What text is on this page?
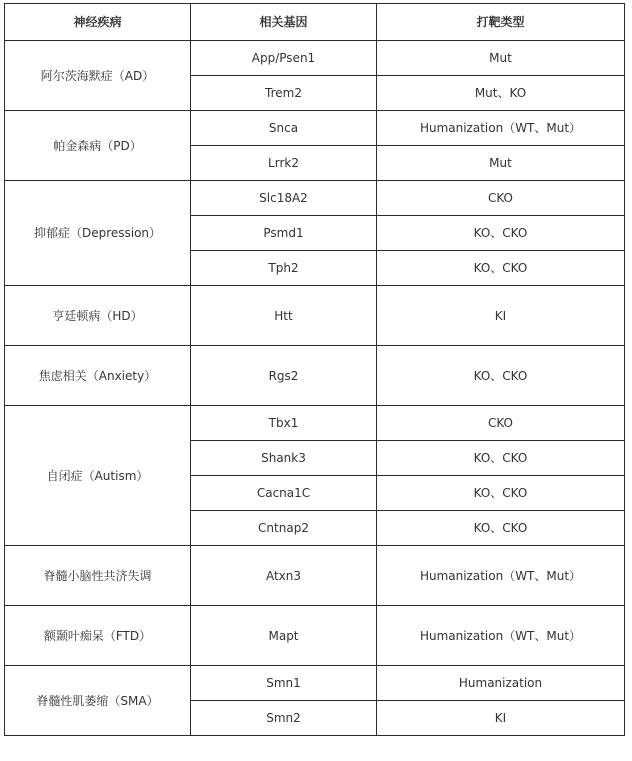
神经疾病	相关基因	打靶类型
阿尔茨海默症（AD）	App/Psen1	Mut
	Trem2	Mut、KO
帕金森病（PD）	Snca	Humanization（WT、Mut）
	Lrrk2	Mut
抑郁症（Depression）	Slc18A2	CKO
	Psmd1	KO、CKO
	Tph2	KO、CKO
亨廷顿病（HD）	Htt	KI
焦虑相关（Anxiety）	Rgs2	KO、CKO
自闭症（Autism）	Tbx1	CKO
	Shank3	KO、CKO
	Cacna1C	KO、CKO
	Cntnap2	KO、CKO
脊髓小脑性共济失调	Atxn3	Humanization（WT、Mut）
额颞叶痴呆（FTD）	Mapt	Humanization（WT、Mut）
脊髓性肌萎缩（SMA）	Smn1	Humanization
	Smn2	KI
